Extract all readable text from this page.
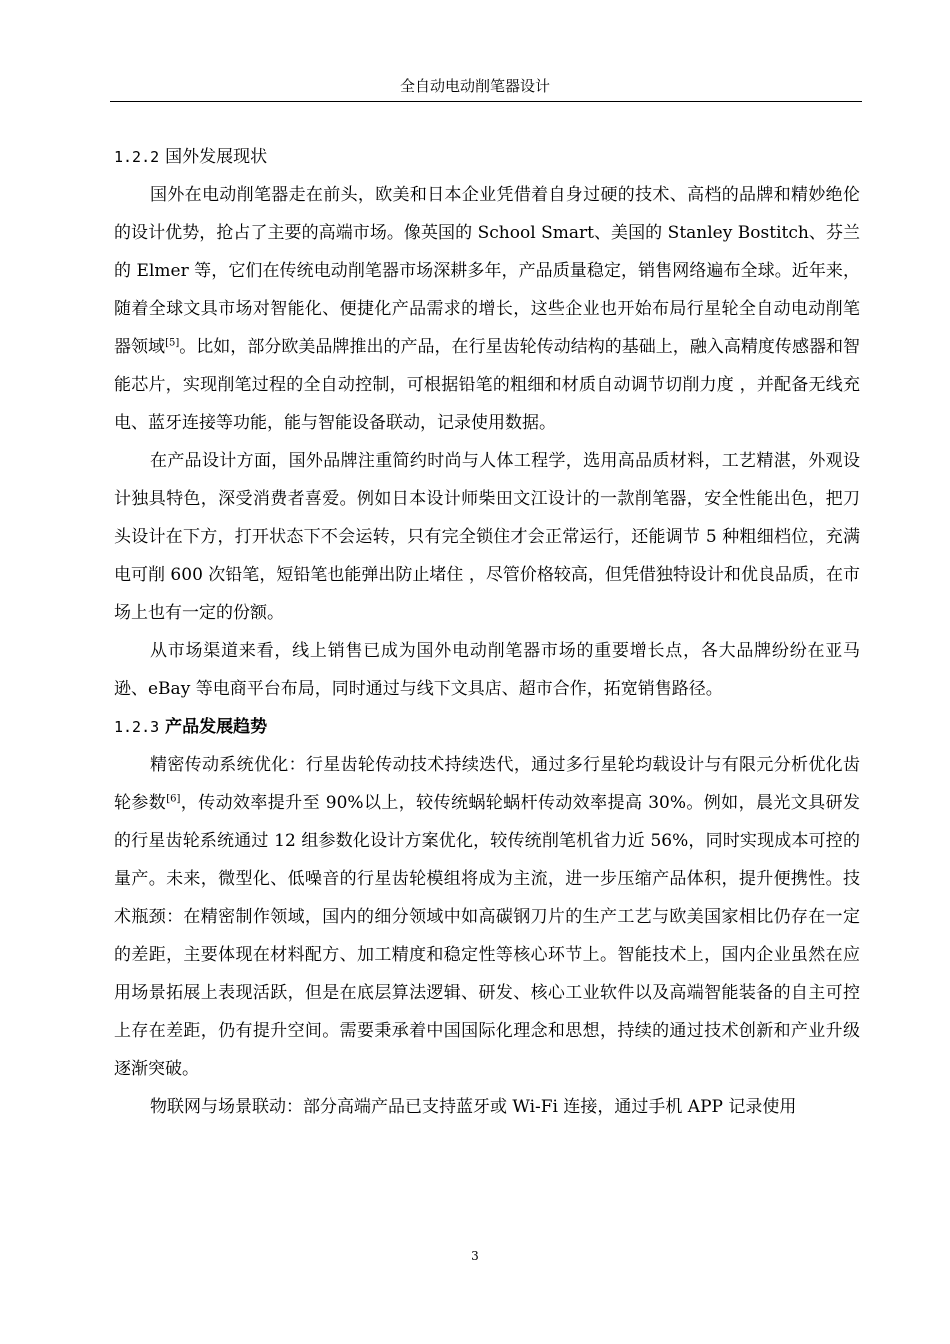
全自动电动削笔器设计
1.2.2 国外发展现状

国外在电动削笔器走在前头，欧美和日本企业凭借着自身过硬的技术、高档的品牌和精妙绝伦的设计优势，抢占了主要的高端市场。像英国的 School Smart、美国的 Stanley Bostitch、芬兰的 Elmer 等，它们在传统电动削笔器市场深耕多年，产品质量稳定，销售网络遍布全球。近年来，随着全球文具市场对智能化、便捷化产品需求的增长，这些企业也开始布局行星轮全自动电动削笔器领域[5]。比如，部分欧美品牌推出的产品，在行星齿轮传动结构的基础上，融入高精度传感器和智能芯片，实现削笔过程的全自动控制，可根据铅笔的粗细和材质自动调节切削力度 ，并配备无线充电、蓝牙连接等功能，能与智能设备联动，记录使用数据。

在产品设计方面，国外品牌注重简约时尚与人体工程学，选用高品质材料，工艺精湛，外观设计独具特色，深受消费者喜爱。例如日本设计师柴田文江设计的一款削笔器，安全性能出色，把刀头设计在下方，打开状态下不会运转，只有完全锁住才会正常运行，还能调节 5 种粗细档位，充满电可削 600 次铅笔，短铅笔也能弹出防止堵住 ，尽管价格较高，但凭借独特设计和优良品质，在市场上也有一定的份额。

从市场渠道来看，线上销售已成为国外电动削笔器市场的重要增长点，各大品牌纷纷在亚马逊、eBay 等电商平台布局，同时通过与线下文具店、超市合作，拓宽销售路径。

1.2.3 产品发展趋势

精密传动系统优化：行星齿轮传动技术持续迭代，通过多行星轮均载设计与有限元分析优化齿轮参数[6]，传动效率提升至 90%以上，较传统蜗轮蜗杆传动效率提高 30%。例如，晨光文具研发的行星齿轮系统通过 12 组参数化设计方案优化，较传统削笔机省力近 56%，同时实现成本可控的量产。未来，微型化、低噪音的行星齿轮模组将成为主流，进一步压缩产品体积，提升便携性。技术瓶颈：在精密制作领域，国内的细分领域中如高碳钢刀片的生产工艺与欧美国家相比仍存在一定的差距，主要体现在材料配方、加工精度和稳定性等核心环节上。智能技术上，国内企业虽然在应用场景拓展上表现活跃，但是在底层算法逻辑、研发、核心工业软件以及高端智能装备的自主可控上存在差距，仍有提升空间。需要秉承着中国国际化理念和思想，持续的通过技术创新和产业升级逐渐突破。

物联网与场景联动：部分高端产品已支持蓝牙或 Wi-Fi 连接，通过手机 APP 记录使用

3
